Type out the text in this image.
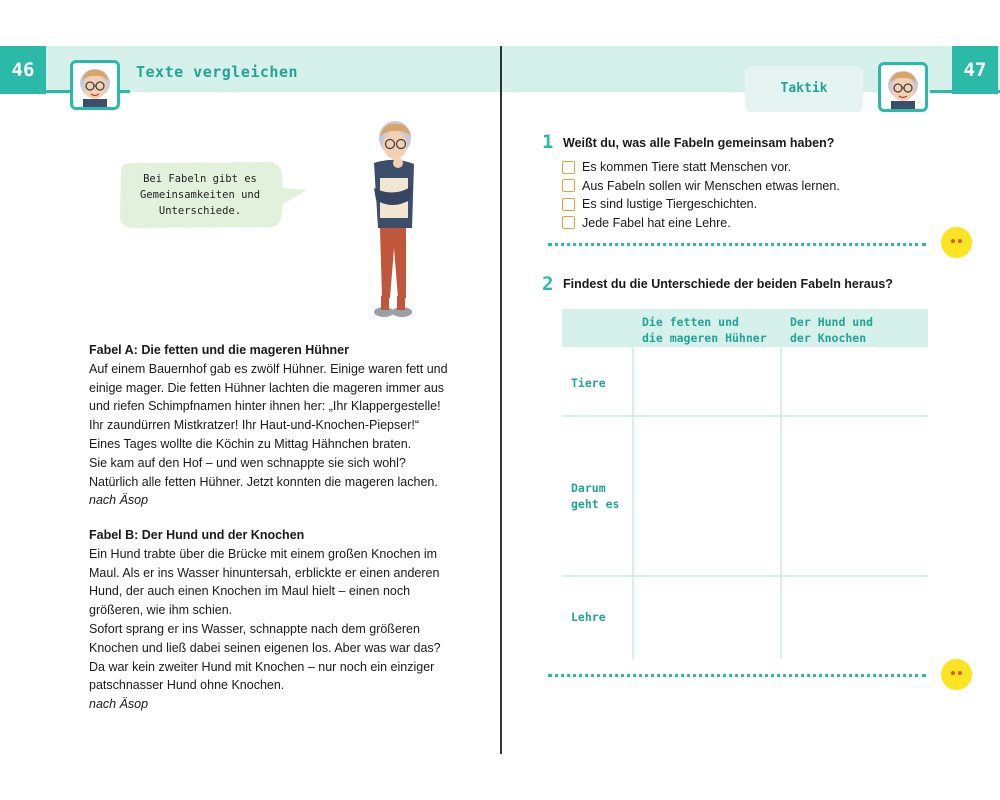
46	Texte vergleichen	47
Taktik
Bei Fabeln gibt es
Gemeinsamkeiten und
Unterschiede.
Fabel A: Die fetten und die mageren Hühner
Auf einem Bauernhof gab es zwölf Hühner. Einige waren fett und
einige mager. Die fetten Hühner lachten die mageren immer aus
und riefen Schimpfnamen hinter ihnen her: „Ihr Klappergestelle!
Ihr zaundürren Mistkratzer! Ihr Haut-und-Knochen-Piepser!“
Eines Tages wollte die Köchin zu Mittag Hähnchen braten.
Sie kam auf den Hof – und wen schnappte sie sich wohl?
Natürlich alle fetten Hühner. Jetzt konnten die mageren lachen.
nach Äsop
Fabel B: Der Hund und der Knochen
Ein Hund trabte über die Brücke mit einem großen Knochen im
Maul. Als er ins Wasser hinuntersah, erblickte er einen anderen
Hund, der auch einen Knochen im Maul hielt – einen noch
größeren, wie ihm schien.
Sofort sprang er ins Wasser, schnappte nach dem größeren
Knochen und ließ dabei seinen eigenen los. Aber was war das?
Da war kein zweiter Hund mit Knochen – nur noch ein einziger
patschnasser Hund ohne Knochen.
nach Äsop
1 Weißt du, was alle Fabeln gemeinsam haben?
Es kommen Tiere statt Menschen vor.
Aus Fabeln sollen wir Menschen etwas lernen.
Es sind lustige Tiergeschichten.
Jede Fabel hat eine Lehre.
2 Findest du die Unterschiede der beiden Fabeln heraus?
Die fetten und
die mageren Hühner
Der Hund und
der Knochen
Tiere
Darum
geht es
Lehre
